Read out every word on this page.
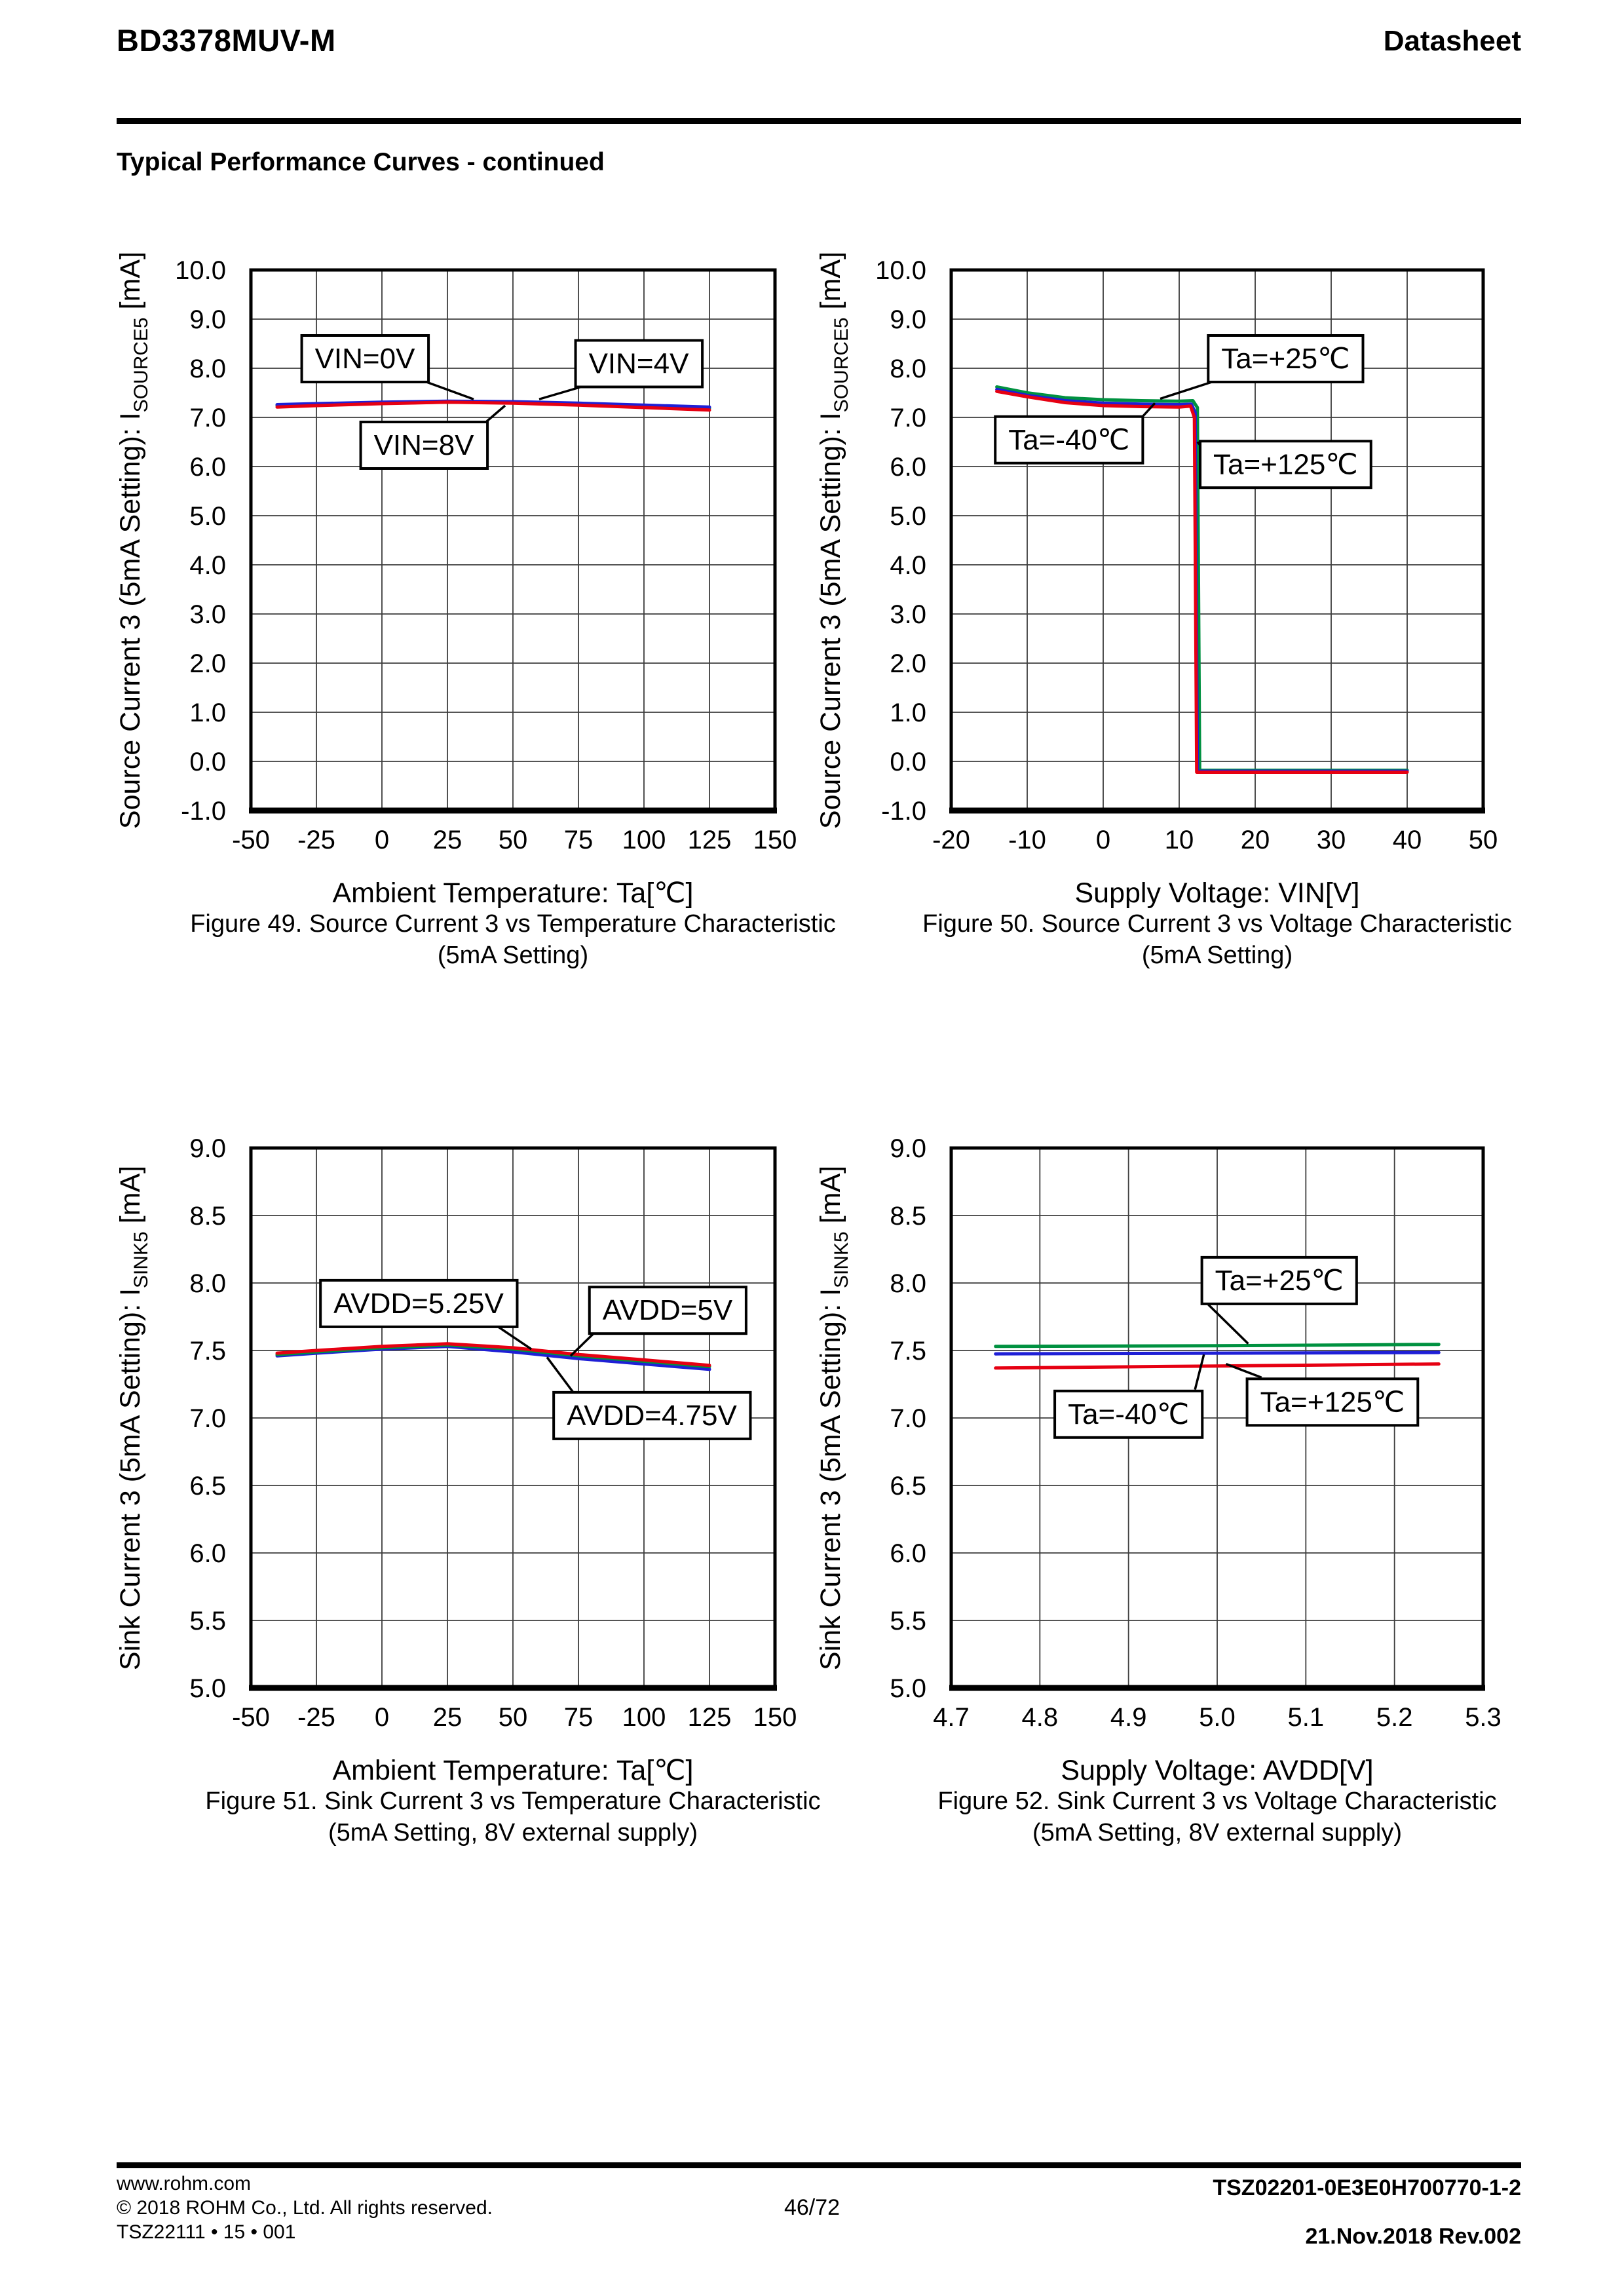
BD3378MUV-M	Datasheet
Typical Performance Curves - continued
-1.0
0.0
1.0
2.0
3.0
4.0
5.0
6.0
7.0
8.0
9.0
10.0
-50 -25 0 25 50 75 100 125 150
Ambient Temperature: Ta[℃]
Source Current 3 (5mA Setting): $I_{SOURCE5}$ [mA]
Figure 49. Source Current 3 vs Temperature Characteristic
(5mA Setting)
VIN=0V	VIN=4V
VIN=8V
-1.0
0.0
1.0
2.0
3.0
4.0
5.0
6.0
7.0
8.0
9.0
10.0
-20 -10 0 10 20 30 40 50
Supply Voltage: VIN[V]
Source Current 3 (5mA Setting): $I_{SOURCE5}$ [mA]
Figure 50. Source Current 3 vs Voltage Characteristic
(5mA Setting)
Ta=+25℃
Ta=-40℃
Ta=+125℃
5.0
5.5
6.0
6.5
7.0
7.5
8.0
8.5
9.0
-50 -25 0 25 50 75 100 125 150
Ambient Temperature: Ta[℃]
Sink Current 3 (5mA Setting): $I_{SINK5}$ [mA]
Figure 51. Sink Current 3 vs Temperature Characteristic
(5mA Setting, 8V external supply)
AVDD=5.25V	AVDD=5V
AVDD=4.75V
5.0
5.5
6.0
6.5
7.0
7.5
8.0
8.5
9.0
4.7 4.8 4.9 5.0 5.1 5.2 5.3
Supply Voltage: AVDD[V]
Sink Current 3 (5mA Setting): $I_{SINK5}$ [mA]
Figure 52. Sink Current 3 vs Voltage Characteristic
(5mA Setting, 8V external supply)
Ta=+25℃
Ta=-40℃ Ta=+125℃
www.rohm.com
© 2018 ROHM Co., Ltd. All rights reserved.
TSZ22111 • 15 • 001
46/72
TSZ02201-0E3E0H700770-1-2
21.Nov.2018 Rev.002
